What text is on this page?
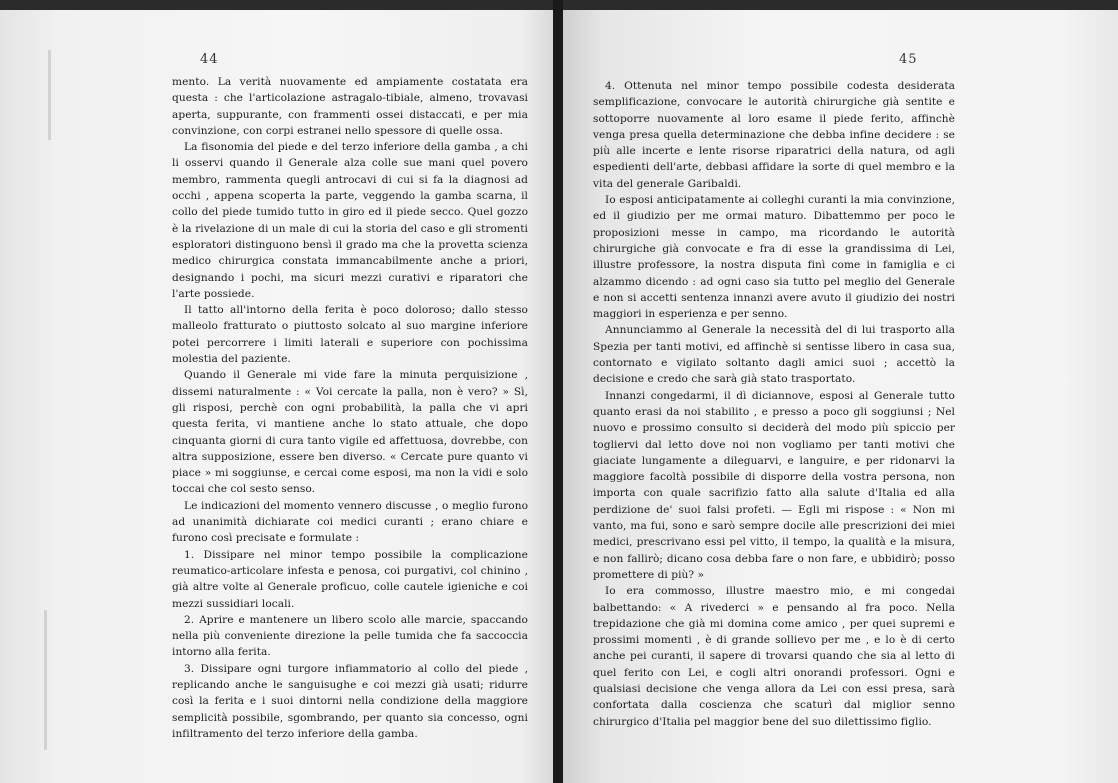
44

mento. La verità nuovamente ed ampiamente costatata era questa : che l'articolazione astragalo-tibiale, almeno, trovavasi aperta, suppurante, con frammenti ossei distaccati, e per mia convinzione, con corpi estranei nello spessore di quelle ossa.

La fisonomia del piede e del terzo inferiore della gamba , a chi li osservi quando il Generale alza colle sue mani quel povero membro, rammenta quegli antrocavi di cui si fa la diagnosi ad occhi , appena scoperta la parte, veggendo la gamba scarna, il collo del piede tumido tutto in giro ed il piede secco. Quel gozzo è la rivelazione di un male di cui la storia del caso e gli stromenti esploratori distinguono bensì il grado ma che la provetta scienza medico chirurgica constata immancabilmente anche a priori, designando i pochi, ma sicuri mezzi curativi e riparatori che l'arte possiede.

Il tatto all'intorno della ferita è poco doloroso; dallo stesso malleolo fratturato o piuttosto solcato al suo margine inferiore potei percorrere i limiti laterali e superiore con pochissima molestia del paziente.

Quando il Generale mi vide fare la minuta perquisizione , dissemi naturalmente : « Voi cercate la palla, non è vero? » Sì, gli risposi, perchè con ogni probabilità, la palla che vi apri questa ferita, vi mantiene anche lo stato attuale, che dopo cinquanta giorni di cura tanto vigile ed affettuosa, dovrebbe, con altra supposizione, essere ben diverso. « Cercate pure quanto vi piace » mi soggiunse, e cercai come esposi, ma non la vidi e solo toccai che col sesto senso.

Le indicazioni del momento vennero discusse , o meglio furono ad unanimità dichiarate coi medici curanti ; erano chiare e furono così precisate e formulate :

1. Dissipare nel minor tempo possibile la complicazione reumatico-articolare infesta e penosa, coi purgativi, col chinino , già altre volte al Generale proficuo, colle cautele igieniche e coi mezzi sussidiari locali.

2. Aprire e mantenere un libero scolo alle marcie, spaccando nella più conveniente direzione la pelle tumida che fa saccoccia intorno alla ferita.

3. Dissipare ogni turgore infiammatorio al collo del piede , replicando anche le sanguisughe e coi mezzi già usati; ridurre così la ferita e i suoi dintorni nella condizione della maggiore semplicità possibile, sgombrando, per quanto sia concesso, ogni infiltramento del terzo inferiore della gamba.

45

4. Ottenuta nel minor tempo possibile codesta desiderata semplificazione, convocare le autorità chirurgiche già sentite e sottoporre nuovamente al loro esame il piede ferito, affinchè venga presa quella determinazione che debba infine decidere : se più alle incerte e lente risorse riparatrici della natura, od agli espedienti dell'arte, debbasi affidare la sorte di quel membro e la vita del generale Garibaldi.

Io esposi anticipatamente ai colleghi curanti la mia convinzione, ed il giudizio per me ormai maturo. Dibattemmo per poco le proposizioni messe in campo, ma ricordando le autorità chirurgiche già convocate e fra di esse la grandissima di Lei, illustre professore, la nostra disputa finì come in famiglia e ci alzammo dicendo : ad ogni caso sia tutto pel meglio del Generale e non si accetti sentenza innanzi avere avuto il giudizio dei nostri maggiori in esperienza e per senno.

Annunciammo al Generale la necessità del di lui trasporto alla Spezia per tanti motivi, ed affinchè si sentisse libero in casa sua, contornato e vigilato soltanto dagli amici suoi ; accettò la decisione e credo che sarà già stato trasportato.

Innanzi congedarmi, il dì diciannove, esposi al Generale tutto quanto erasi da noi stabilito , e presso a poco gli soggiunsi ; Nel nuovo e prossimo consulto si deciderà del modo più spiccio per togliervi dal letto dove noi non vogliamo per tanti motivi che giaciate lungamente a dileguarvi, e languire, e per ridonarvi la maggiore facoltà possibile di disporre della vostra persona, non importa con quale sacrifizio fatto alla salute d'Italia ed alla perdizione de' suoi falsi profeti. — Egli mi rispose : « Non mi vanto, ma fui, sono e sarò sempre docile alle prescrizioni dei miei medici, prescrivano essi pel vitto, il tempo, la qualità e la misura, e non fallirò; dicano cosa debba fare o non fare, e ubbidirò; posso promettere di più? »

Io era commosso, illustre maestro mio, e mi congedai balbettando: « A rivederci » e pensando al fra poco. Nella trepidazione che già mi domina come amico , per quei supremi e prossimi momenti , è di grande sollievo per me , e lo è di certo anche pei curanti, il sapere di trovarsi quando che sia al letto di quel ferito con Lei, e cogli altri onorandi professori. Ogni e qualsiasi decisione che venga allora da Lei con essi presa, sarà confortata dalla coscienza che scaturì dal miglior senno chirurgico d'Italia pel maggior bene del suo dilettissimo figlio.
